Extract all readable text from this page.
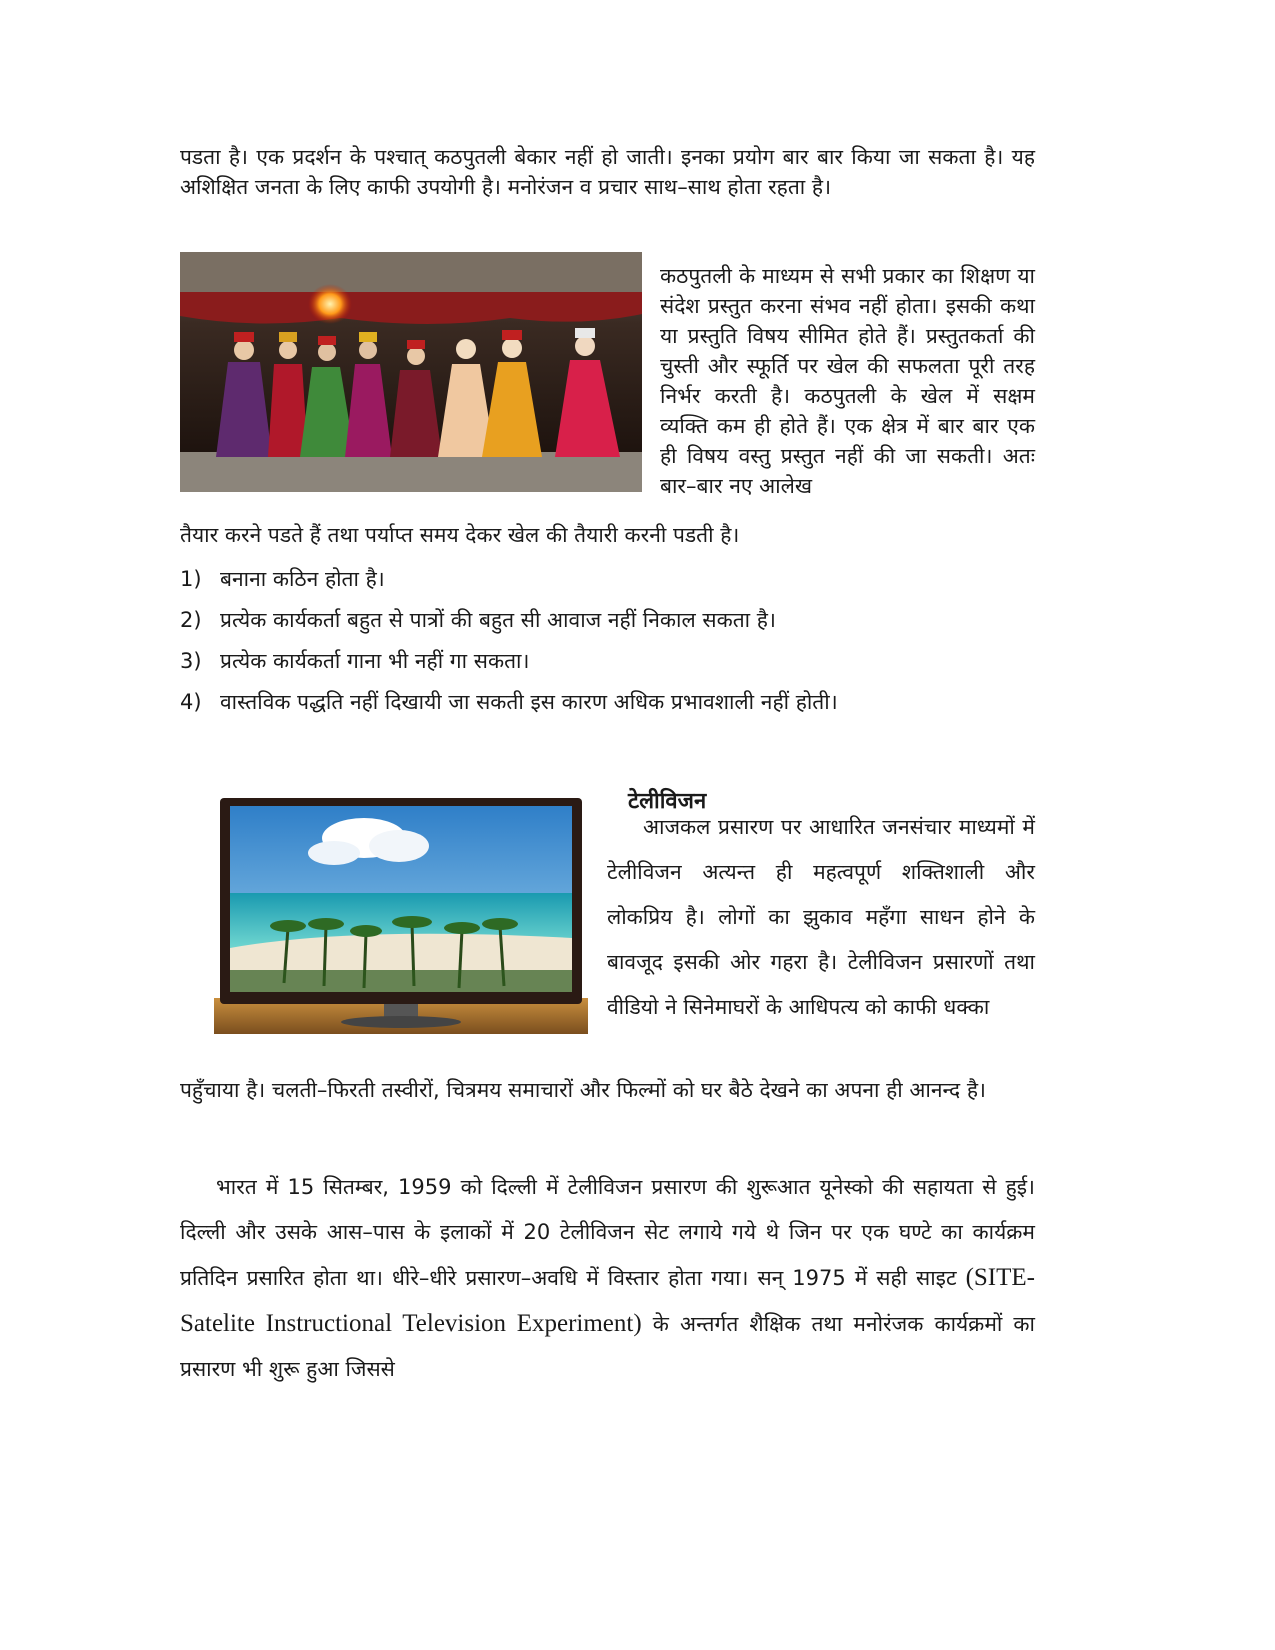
पडता है। एक प्रदर्शन के पश्चात् कठपुतली बेकार नहीं हो जाती। इनका प्रयोग बार बार किया जा सकता है। यह अशिक्षित जनता के लिए काफी उपयोगी है। मनोरंजन व प्रचार साथ–साथ होता रहता है।

कठपुतली के माध्यम से सभी प्रकार का शिक्षण या संदेश प्रस्तुत करना संभव नहीं होता। इसकी कथा या प्रस्तुति विषय सीमित होते हैं। प्रस्तुतकर्ता की चुस्ती और स्फूर्ति पर खेल की सफलता पूरी तरह निर्भर करती है। कठपुतली के खेल में सक्षम व्यक्ति कम ही होते हैं। एक क्षेत्र में बार बार एक ही विषय वस्तु प्रस्तुत नहीं की जा सकती। अतः बार–बार नए आलेख

तैयार करने पडते हैं तथा पर्याप्त समय देकर खेल की तैयारी करनी पडती है।

1) बनाना कठिन होता है।

2) प्रत्येक कार्यकर्ता बहुत से पात्रों की बहुत सी आवाज नहीं निकाल सकता है।

3) प्रत्येक कार्यकर्ता गाना भी नहीं गा सकता।

4) वास्तविक पद्धति नहीं दिखायी जा सकती इस कारण अधिक प्रभावशाली नहीं होती।

टेलीविजन

आजकल प्रसारण पर आधारित जनसंचार माध्यमों में टेलीविजन अत्यन्त ही महत्वपूर्ण शक्तिशाली और लोकप्रिय है। लोगों का झुकाव महँगा साधन होने के बावजूद इसकी ओर गहरा है। टेलीविजन प्रसारणों तथा वीडियो ने सिनेमाघरों के आधिपत्य को काफी धक्का

पहुँचाया है। चलती–फिरती तस्वीरों, चित्रमय समाचारों और फिल्मों को घर बैठे देखने का अपना ही आनन्द है।

भारत में 15 सितम्बर, 1959 को दिल्ली में टेलीविजन प्रसारण की शुरूआत यूनेस्को की सहायता से हुई। दिल्ली और उसके आस–पास के इलाकों में 20 टेलीविजन सेट लगाये गये थे जिन पर एक घण्टे का कार्यक्रम प्रतिदिन प्रसारित होता था। धीरे–धीरे प्रसारण–अवधि में विस्तार होता गया। सन् 1975 में सही साइट (SITE- Satelite Instructional Television Experiment) के अन्तर्गत शैक्षिक तथा मनोरंजक कार्यक्रमों का प्रसारण भी शुरू हुआ जिससे
